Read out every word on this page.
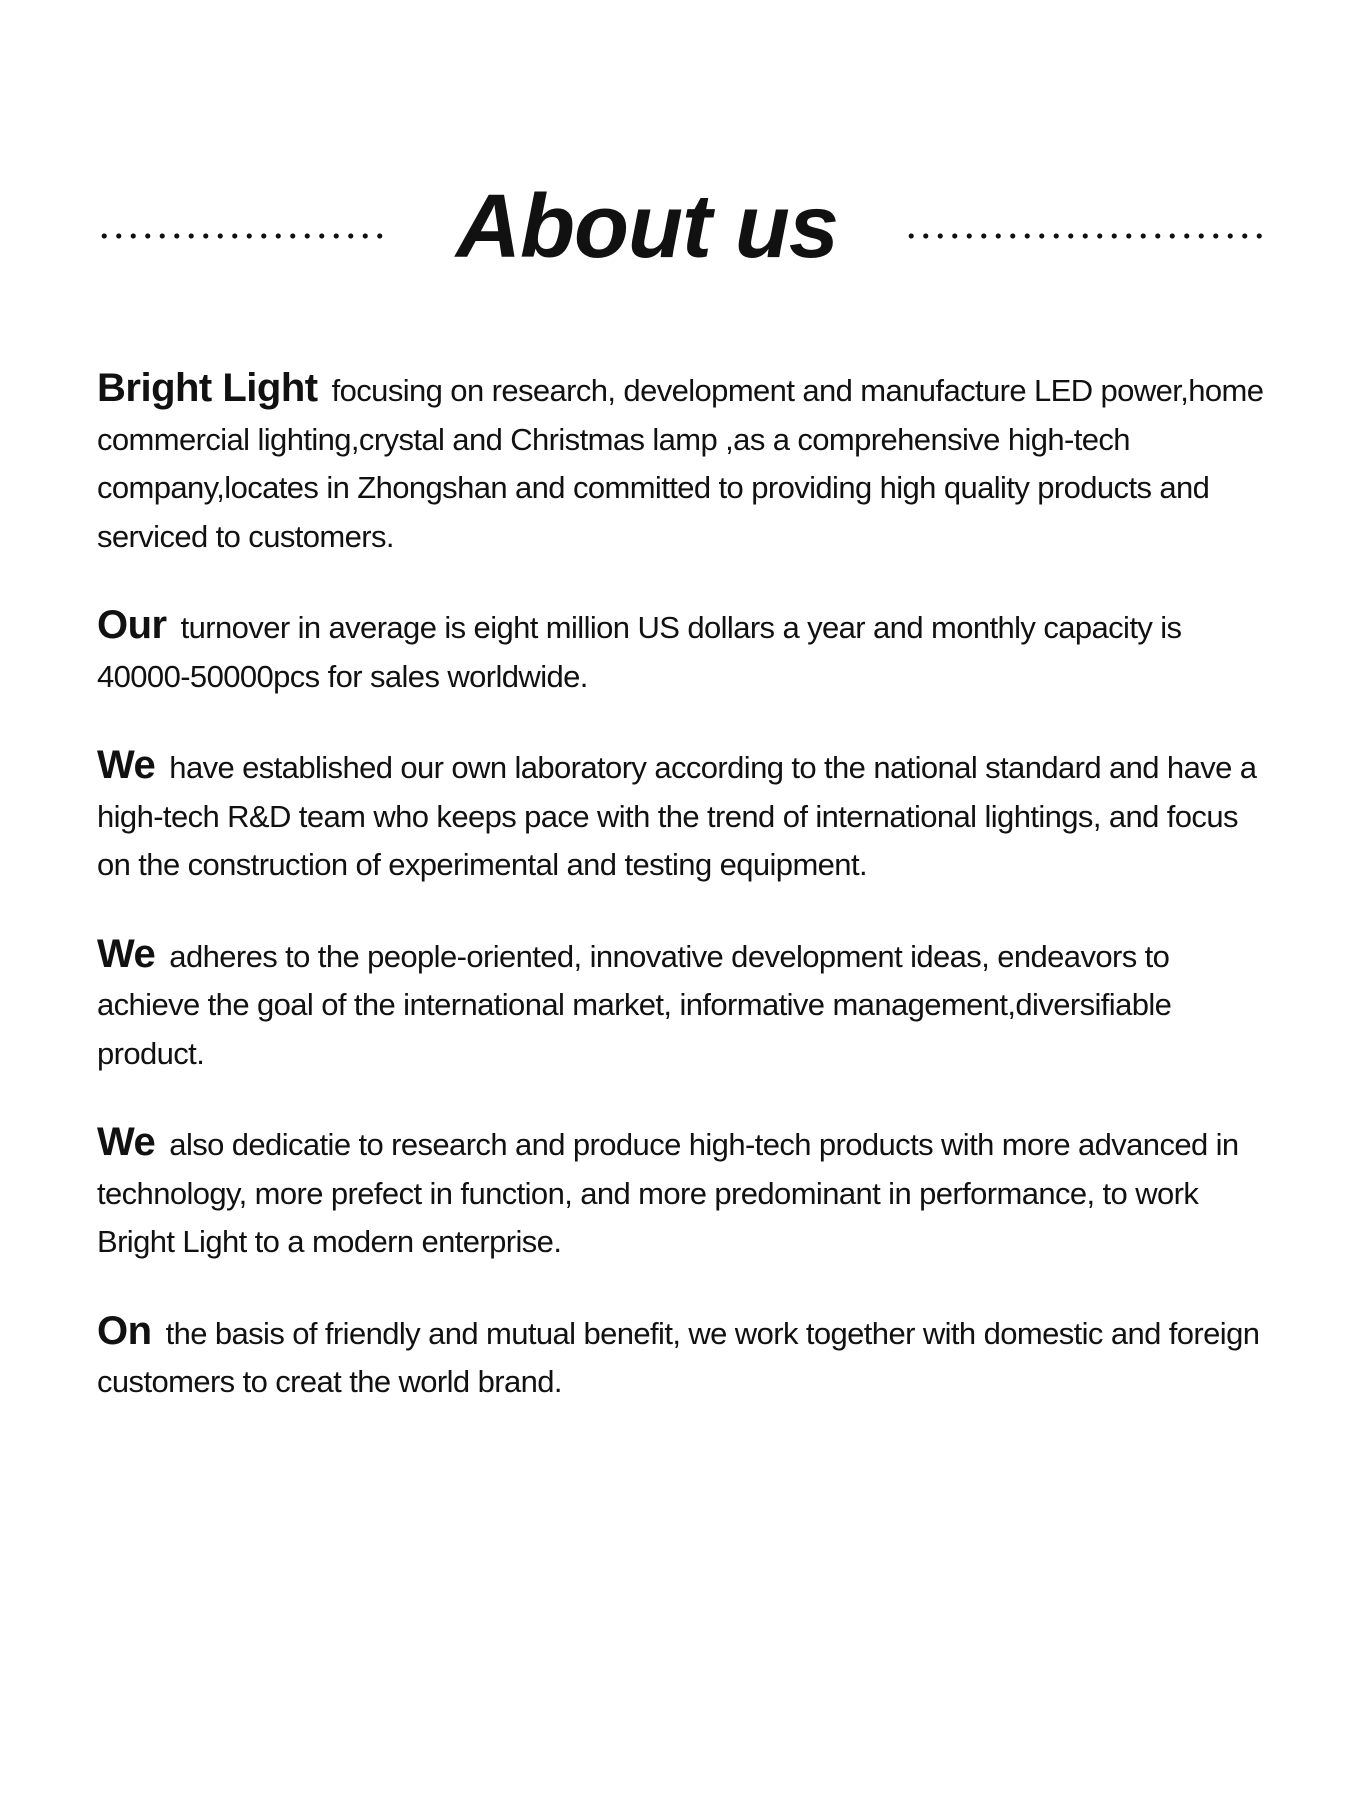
About us

Bright Light focusing on research, development and manufacture LED power,home commercial lighting,crystal and Christmas lamp ,as a comprehensive high-tech company,locates in Zhongshan and committed to providing high quality products and serviced to customers.

Our turnover in average is eight million US dollars a year and monthly capacity is 40000-50000pcs for sales worldwide.

We have established our own laboratory according to the national standard and have a high-tech R&D team who keeps pace with the trend of international lightings, and focus on the construction of experimental and testing equipment.

We adheres to the people-oriented, innovative development ideas, endeavors to achieve the goal of the international market, informative management,diversifiable product.

We also dedicatie to research and produce high-tech products with more advanced in technology, more prefect in function, and more predominant in performance, to work Bright Light to a modern enterprise.

On the basis of friendly and mutual benefit, we work together with domestic and foreign customers to creat the world brand.
